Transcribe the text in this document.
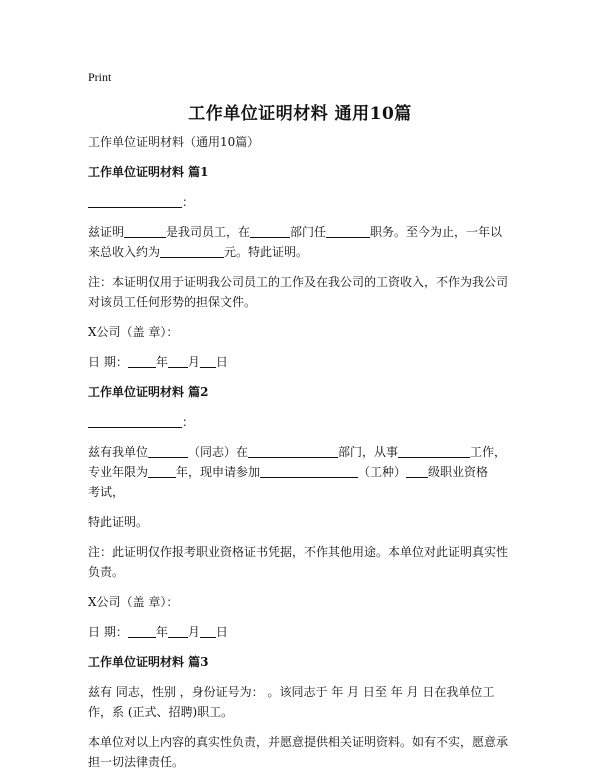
Print
工作单位证明材料 通用10篇

工作单位证明材料（通用10篇）

工作单位证明材料 篇1

：

兹证明	是我司员工，在	部门任	职务。至今为止，一年以
来总收入约为	元。特此证明。

注：本证明仅用于证明我公司员工的工作及在我公司的工资收入，不作为我公司对该员工任何形势的担保文件。

X公司（盖 章）：

日 期： 年 月 日

工作单位证明材料 篇2

：

兹有我单位	（同志）在	部门，从事	工作，
专业年限为 年，现申请参加	（工种） 级职业资格
考试，

特此证明。

注：此证明仅作报考职业资格证书凭据，不作其他用途。本单位对此证明真实性负责。

X公司（盖 章）：

日 期： 年 月 日

工作单位证明材料 篇3

兹有 同志，性别 ，身份证号为： 。该同志于 年 月 日至 年 月 日在我单位工作，系 (正式、招聘)职工。

本单位对以上内容的真实性负责，并愿意提供相关证明资料。如有不实，愿意承担一切法律责任。
